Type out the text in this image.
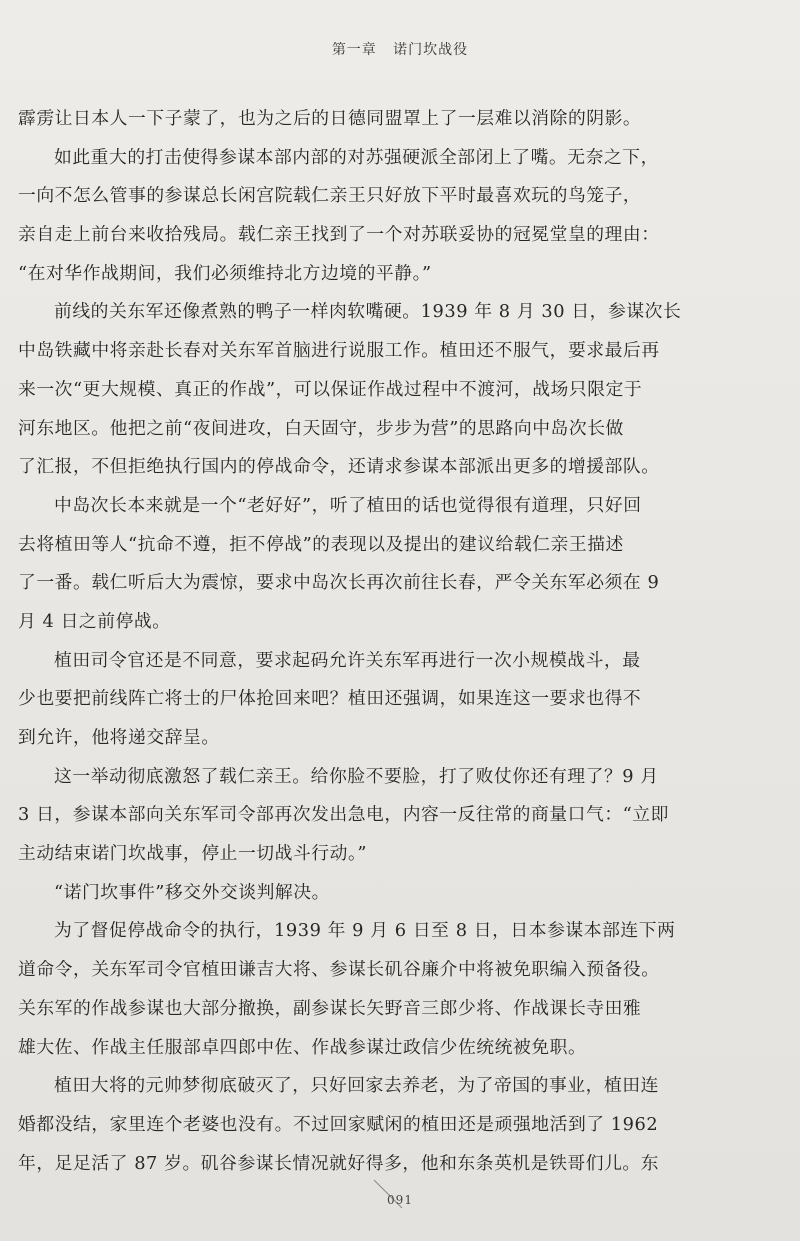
第一章 诺门坎战役
霹雳让日本人一下子蒙了，也为之后的日德同盟罩上了一层难以消除的阴影。
如此重大的打击使得参谋本部内部的对苏强硬派全部闭上了嘴。无奈之下，
一向不怎么管事的参谋总长闲宫院载仁亲王只好放下平时最喜欢玩的鸟笼子，
亲自走上前台来收拾残局。载仁亲王找到了一个对苏联妥协的冠冕堂皇的理由：
“在对华作战期间，我们必须维持北方边境的平静。”
前线的关东军还像煮熟的鸭子一样肉软嘴硬。1939 年 8 月 30 日，参谋次长
中岛铁藏中将亲赴长春对关东军首脑进行说服工作。植田还不服气，要求最后再
来一次“更大规模、真正的作战”，可以保证作战过程中不渡河，战场只限定于
河东地区。他把之前“夜间进攻，白天固守，步步为营”的思路向中岛次长做
了汇报，不但拒绝执行国内的停战命令，还请求参谋本部派出更多的增援部队。
中岛次长本来就是一个“老好好”，听了植田的话也觉得很有道理，只好回
去将植田等人“抗命不遵，拒不停战”的表现以及提出的建议给载仁亲王描述
了一番。载仁听后大为震惊，要求中岛次长再次前往长春，严令关东军必须在 9
月 4 日之前停战。
植田司令官还是不同意，要求起码允许关东军再进行一次小规模战斗，最
少也要把前线阵亡将士的尸体抢回来吧？植田还强调，如果连这一要求也得不
到允许，他将递交辞呈。
这一举动彻底激怒了载仁亲王。给你脸不要脸，打了败仗你还有理了？9 月
3 日，参谋本部向关东军司令部再次发出急电，内容一反往常的商量口气：“立即
主动结束诺门坎战事，停止一切战斗行动。”
“诺门坎事件”移交外交谈判解决。
为了督促停战命令的执行，1939 年 9 月 6 日至 8 日，日本参谋本部连下两
道命令，关东军司令官植田谦吉大将、参谋长矶谷廉介中将被免职编入预备役。
关东军的作战参谋也大部分撤换，副参谋长矢野音三郎少将、作战课长寺田雅
雄大佐、作战主任服部卓四郎中佐、作战参谋辻政信少佐统统被免职。
植田大将的元帅梦彻底破灭了，只好回家去养老，为了帝国的事业，植田连
婚都没结，家里连个老婆也没有。不过回家赋闲的植田还是顽强地活到了 1962
年，足足活了 87 岁。矶谷参谋长情况就好得多，他和东条英机是铁哥们儿。东
091
